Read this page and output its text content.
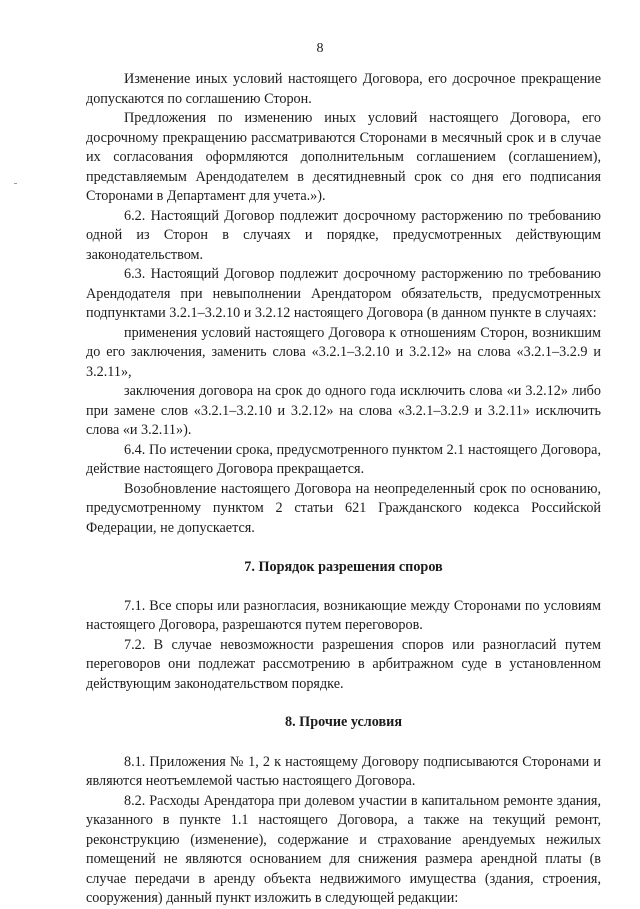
8

Изменение иных условий настоящего Договора, его досрочное прекращение допускаются по соглашению Сторон.

Предложения по изменению иных условий настоящего Договора, его досрочному прекращению рассматриваются Сторонами в месячный срок и в случае их согласования оформляются дополнительным соглашением (соглашением), представляемым Арендодателем в десятидневный срок со дня его подписания Сторонами в Департамент для учета.»).

6.2. Настоящий Договор подлежит досрочному расторжению по требованию одной из Сторон в случаях и порядке, предусмотренных действующим законодательством.

6.3. Настоящий Договор подлежит досрочному расторжению по требованию Арендодателя при невыполнении Арендатором обязательств, предусмотренных подпунктами 3.2.1–3.2.10 и 3.2.12 настоящего Договора (в данном пункте в случаях:

применения условий настоящего Договора к отношениям Сторон, возникшим до его заключения, заменить слова «3.2.1–3.2.10 и 3.2.12» на слова «3.2.1–3.2.9 и 3.2.11»,

заключения договора на срок до одного года исключить слова «и 3.2.12» либо при замене слов «3.2.1–3.2.10 и 3.2.12» на слова «3.2.1–3.2.9 и 3.2.11» исключить слова «и 3.2.11»).

6.4. По истечении срока, предусмотренного пунктом 2.1 настоящего Договора, действие настоящего Договора прекращается.

Возобновление настоящего Договора на неопределенный срок по основанию, предусмотренному пунктом 2 статьи 621 Гражданского кодекса Российской Федерации, не допускается.

7. Порядок разрешения споров

7.1. Все споры или разногласия, возникающие между Сторонами по условиям настоящего Договора, разрешаются путем переговоров.

7.2. В случае невозможности разрешения споров или разногласий путем переговоров они подлежат рассмотрению в арбитражном суде в установленном действующим законодательством порядке.

8. Прочие условия

8.1. Приложения № 1, 2 к настоящему Договору подписываются Сторонами и являются неотъемлемой частью настоящего Договора.

8.2. Расходы Арендатора при долевом участии в капитальном ремонте здания, указанного в пункте 1.1 настоящего Договора, а также на текущий ремонт, реконструкцию (изменение), содержание и страхование арендуемых нежилых помещений не являются основанием для снижения размера арендной платы (в случае передачи в аренду объекта недвижимого имущества (здания, строения, сооружения) данный пункт изложить в следующей редакции:
